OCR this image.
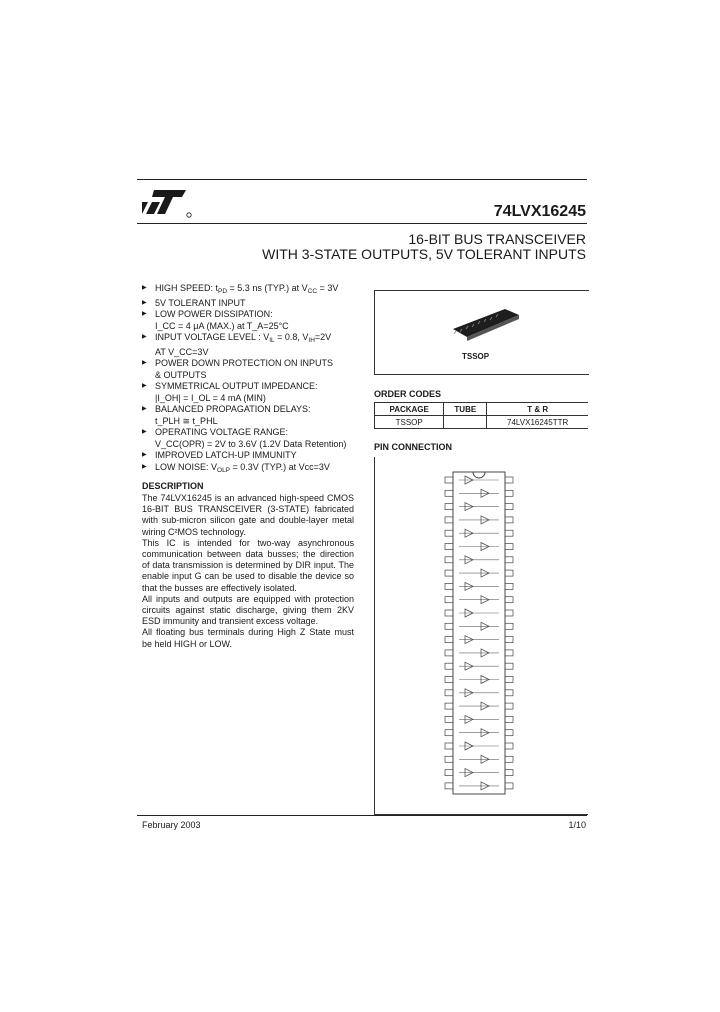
74LVX16245
16-BIT BUS TRANSCEIVER
WITH 3-STATE OUTPUTS, 5V TOLERANT INPUTS
▶ HIGH SPEED: $t_{PD} = 5.3$ ns (TYP.) at $V_{CC} = 3V$
▶ 5V TOLERANT INPUT
▶ LOW POWER DISSIPATION:
I_CC = 4 μA (MAX.) at T_A=25°C
▶ INPUT VOLTAGE LEVEL : $V_{IL} = 0.8$, $V_{IH}=2V$
AT V_CC=3V
▶ POWER DOWN PROTECTION ON INPUTS
& OUTPUTS
▶ SYMMETRICAL OUTPUT IMPEDANCE:
|I_OH| = I_OL = 4 mA (MIN)
▶ BALANCED PROPAGATION DELAYS:
t_PLH ≅ t_PHL
▶ OPERATING VOLTAGE RANGE:
V_CC(OPR) = 2V to 3.6V (1.2V Data Retention)
▶ IMPROVED LATCH-UP IMMUNITY
▶ LOW NOISE: $V_{OLP} = 0.3V$ (TYP.) at Vcc=3V
DESCRIPTION

The 74LVX16245 is an advanced high-speed CMOS 16-BIT BUS TRANSCEIVER (3-STATE) fabricated with sub-micron silicon gate and double-layer metal wiring C²MOS technology.

This IC is intended for two-way asynchronous communication between data busses; the direction of data transmission is determined by DIR input. The enable input G can be used to disable the device so that the busses are effectively isolated.

All inputs and outputs are equipped with protection circuits against static discharge, giving them 2KV ESD immunity and transient excess voltage.

All floating bus terminals during High Z State must be held HIGH or LOW.

TSSOP
ORDER CODES
PACKAGE	TUBE	T & R
TSSOP		74LVX16245TTR
PIN CONNECTION
February 2003	1/10
